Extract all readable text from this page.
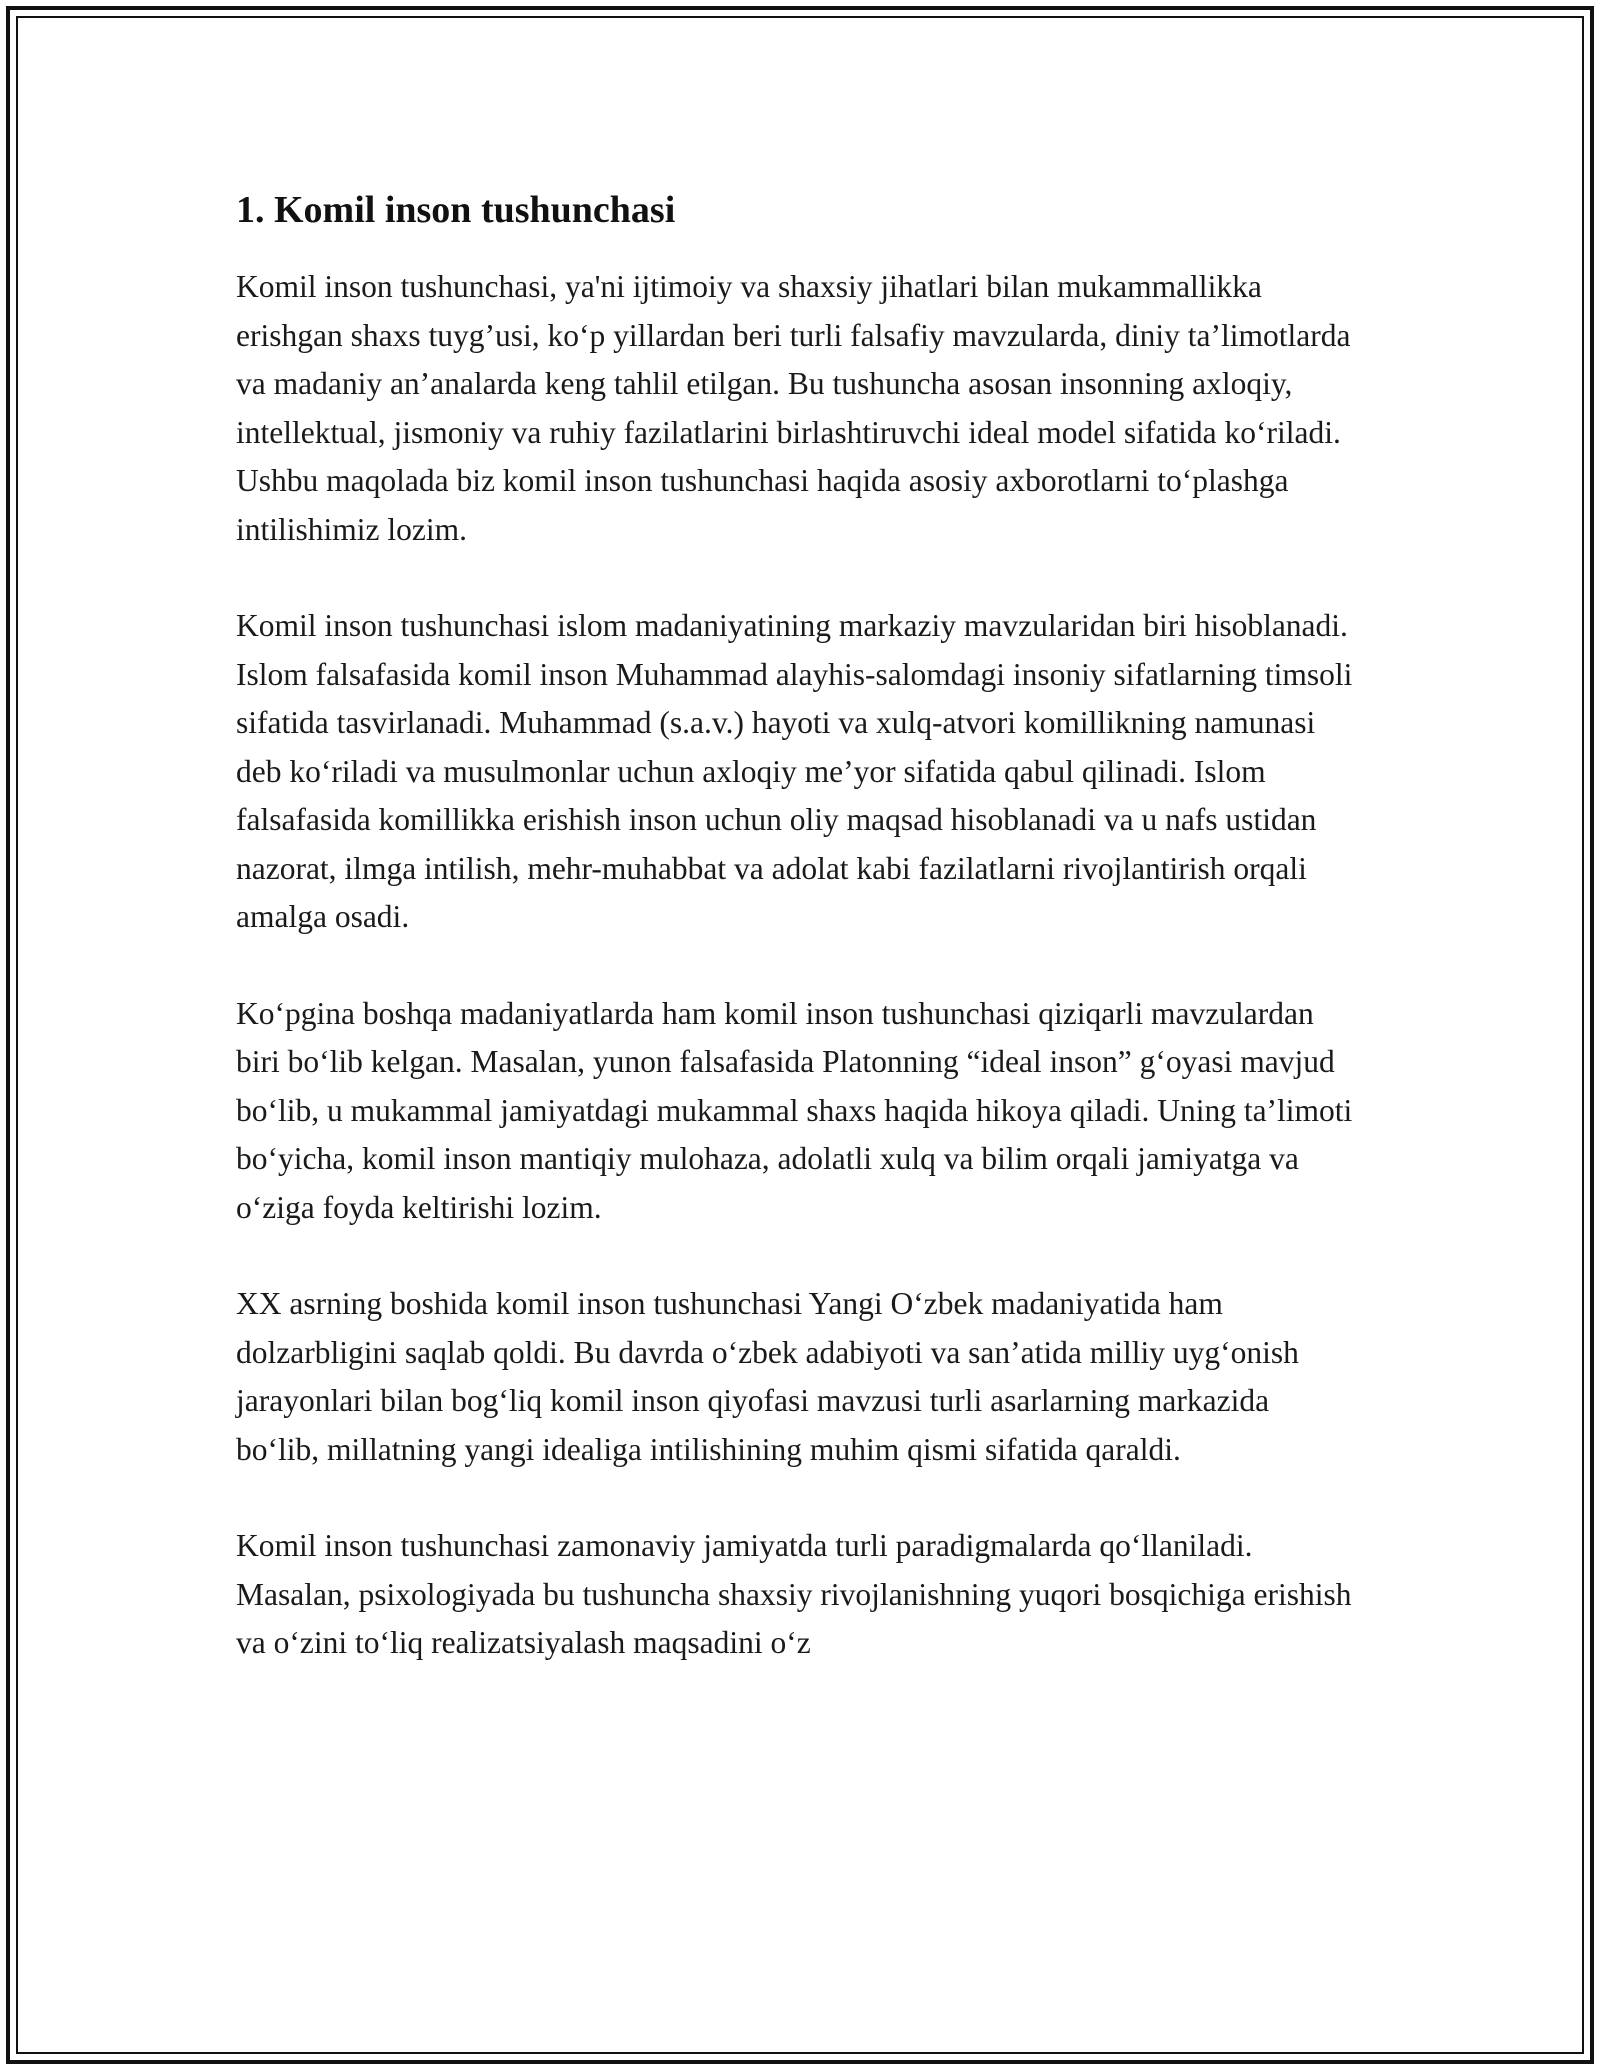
1. Komil inson tushunchasi

Komil inson tushunchasi, ya'ni ijtimoiy va shaxsiy jihatlari bilan mukammallikka erishgan shaxs tuyg’usi, ko‘p yillardan beri turli falsafiy mavzularda, diniy ta’limotlarda va madaniy an’analarda keng tahlil etilgan. Bu tushuncha asosan insonning axloqiy, intellektual, jismoniy va ruhiy fazilatlarini birlashtiruvchi ideal model sifatida ko‘riladi. Ushbu maqolada biz komil inson tushunchasi haqida asosiy axborotlarni to‘plashga intilishimiz lozim.

Komil inson tushunchasi islom madaniyatining markaziy mavzularidan biri hisoblanadi. Islom falsafasida komil inson Muhammad alayhis-salomdagi insoniy sifatlarning timsoli sifatida tasvirlanadi. Muhammad (s.a.v.) hayoti va xulq-atvori komillikning namunasi deb ko‘riladi va musulmonlar uchun axloqiy me’yor sifatida qabul qilinadi. Islom falsafasida komillikka erishish inson uchun oliy maqsad hisoblanadi va u nafs ustidan nazorat, ilmga intilish, mehr-muhabbat va adolat kabi fazilatlarni rivojlantirish orqali amalga osadi.

Ko‘pgina boshqa madaniyatlarda ham komil inson tushunchasi qiziqarli mavzulardan biri bo‘lib kelgan. Masalan, yunon falsafasida Platonning “ideal inson” g‘oyasi mavjud bo‘lib, u mukammal jamiyatdagi mukammal shaxs haqida hikoya qiladi. Uning ta’limoti bo‘yicha, komil inson mantiqiy mulohaza, adolatli xulq va bilim orqali jamiyatga va o‘ziga foyda keltirishi lozim.

XX asrning boshida komil inson tushunchasi Yangi O‘zbek madaniyatida ham dolzarbligini saqlab qoldi. Bu davrda o‘zbek adabiyoti va san’atida milliy uyg‘onish jarayonlari bilan bog‘liq komil inson qiyofasi mavzusi turli asarlarning markazida bo‘lib, millatning yangi idealiga intilishining muhim qismi sifatida qaraldi.

Komil inson tushunchasi zamonaviy jamiyatda turli paradigmalarda qo‘llaniladi. Masalan, psixologiyada bu tushuncha shaxsiy rivojlanishning yuqori bosqichiga erishish va o‘zini to‘liq realizatsiyalash maqsadini o‘z
